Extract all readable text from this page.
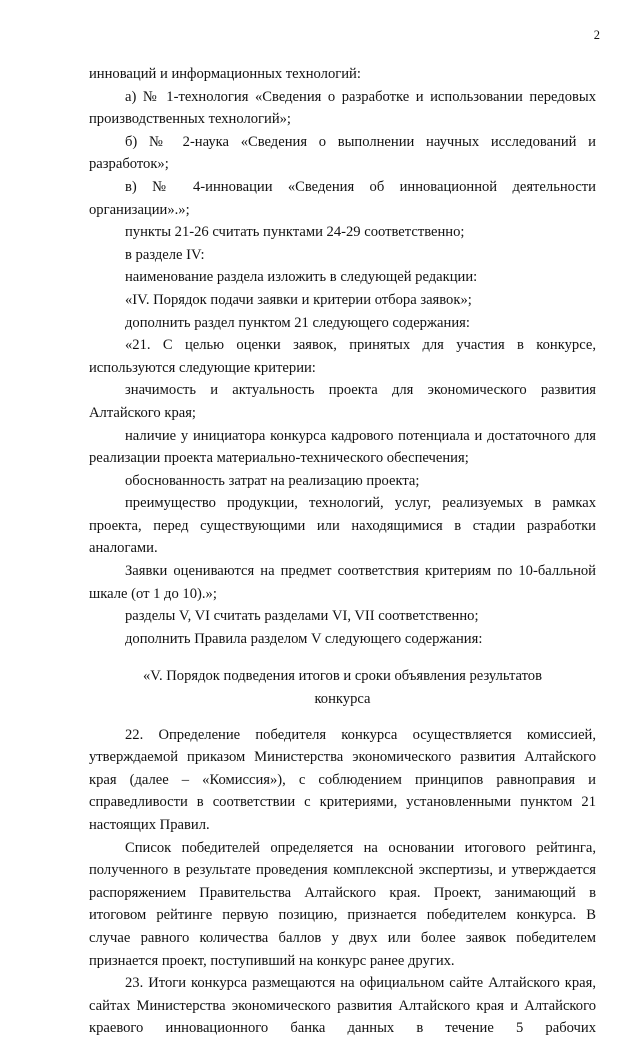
2

инноваций и информационных технологий:

а) № 1-технология «Сведения о разработке и использовании передовых производственных технологий»;

б) № 2-наука «Сведения о выполнении научных исследований и разработок»;

в) № 4-инновации «Сведения об инновационной деятельности организации».»;

пункты 21-26 считать пунктами 24-29 соответственно;

в разделе IV:

наименование раздела изложить в следующей редакции:

«IV. Порядок подачи заявки и критерии отбора заявок»;

дополнить раздел пунктом 21 следующего содержания:

«21. С целью оценки заявок, принятых для участия в конкурсе, используются следующие критерии:

значимость и актуальность проекта для экономического развития Алтайского края;

наличие у инициатора конкурса кадрового потенциала и достаточного для реализации проекта материально-технического обеспечения;

обоснованность затрат на реализацию проекта;

преимущество продукции, технологий, услуг, реализуемых в рамках проекта, перед существующими или находящимися в стадии разработки аналогами.

Заявки оцениваются на предмет соответствия критериям по 10-балльной шкале (от 1 до 10).»;

разделы V, VI считать разделами VI, VII соответственно;

дополнить Правила разделом V следующего содержания:

«V. Порядок подведения итогов и сроки объявления результатов конкурса

22. Определение победителя конкурса осуществляется комиссией, утверждаемой приказом Министерства экономического развития Алтайского края (далее – «Комиссия»), с соблюдением принципов равноправия и справедливости в соответствии с критериями, установленными пунктом 21 настоящих Правил.

Список победителей определяется на основании итогового рейтинга, полученного в результате проведения комплексной экспертизы, и утверждается распоряжением Правительства Алтайского края. Проект, занимающий в итоговом рейтинге первую позицию, признается победителем конкурса. В случае равного количества баллов у двух или более заявок победителем признается проект, поступивший на конкурс ранее других.

23. Итоги конкурса размещаются на официальном сайте Алтайского края, сайтах Министерства экономического развития Алтайского края и Алтайского краевого инновационного банка данных в течение 5 рабочих
